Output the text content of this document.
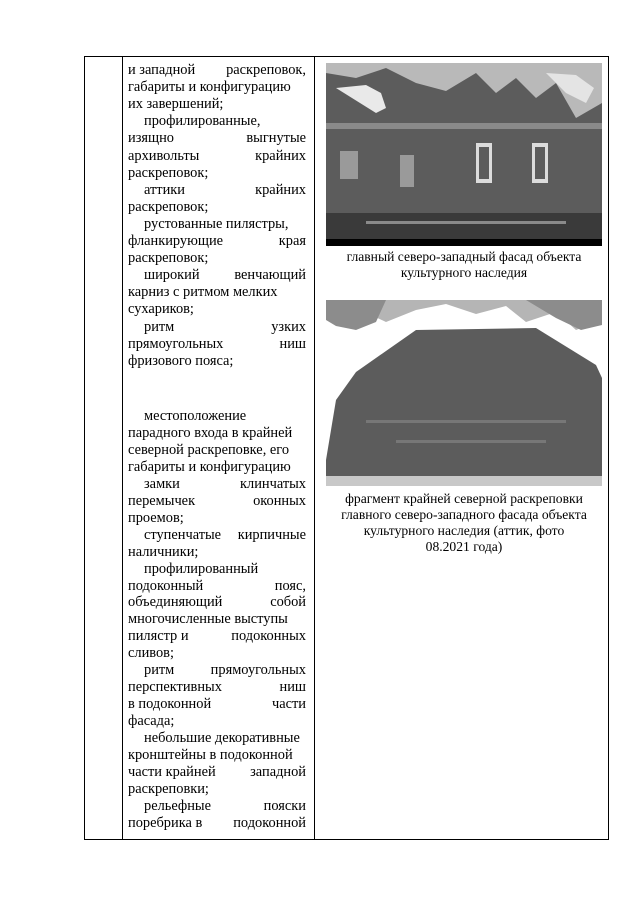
и западной раскреповок,
габариты и конфигурацию
их завершений;
профилированные,
изящно	выгнутые
архивольты	крайних
раскреповок;
аттики	крайних
раскреповок;
рустованные пилястры,
фланкирующие	края
раскреповок;
широкий венчающий
карниз с ритмом мелких
сухариков;
ритм	узких
прямоугольных	ниш
фризового пояса;
местоположение
парадного входа в крайней
северной раскреповке, его
габариты и конфигурацию
замки	клинчатых
перемычек	оконных
проемов;
ступенчатые кирпичные
наличники;
профилированный
подоконный	пояс,
объединяющий	собой
многочисленные выступы
пилястр и	подоконных
сливов;
ритм	прямоугольных
перспективных	ниш
в подоконной	части
фасада;
небольшие декоративные
кронштейны в подоконной
части крайней западной
раскреповки;
рельефные	пояски
поребрика в подоконной
главный северо-западный фасад объекта
культурного наследия
фрагмент крайней северной раскреповки
главного северо-западного фасада объекта
культурного наследия (аттик, фото
08.2021 года)
